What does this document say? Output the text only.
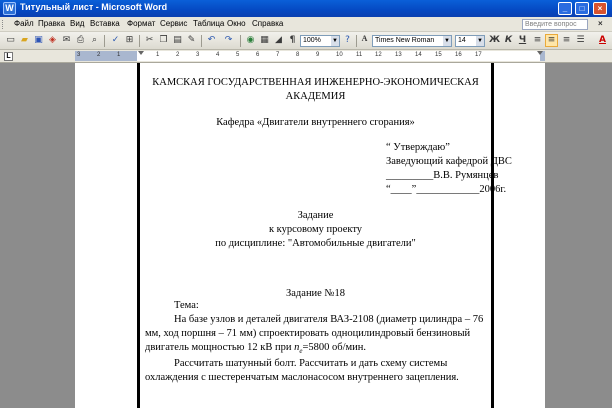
W Титульный лист - Microsoft Word	_	□	×
Файл Правка Вид Вставка Формат Сервис Таблица Окно Справка	Введите вопрос	×
▭ ▰ ▣ ◈ ✉ ⎙ ⌕	✓ ⊞	✂ ❐ ▤ ✎	↶	↷	◉ ▦ ◢ ¶	100% ▼ ?	A	Times New Roman ▼	14 ▼ Ж К Ч ≡ ≡ ≡ ☰	A
L	3	2	1	1	2	3	4	5	6	7	8	9	10 11 12 13 14 15 16 17
КАМСКАЯ ГОСУДАРСТВЕННАЯ ИНЖЕНЕРНО-ЭКОНОМИЧЕСКАЯ
АКАДЕМИЯ
Кафедра «Двигатели внутреннего сгорания»
“ Утверждаю”
Заведующий кафедрой ДВС
_________В.В. Румянцев
“____”____________2006г.
Задание
к курсовому проекту
по дисциплине: "Автомобильные двигатели"
Задание №18
Тема:
На базе узлов и деталей двигателя ВАЗ-2108 (диаметр цилиндра – 76
мм, ход поршня – 71 мм) спроектировать одноцилиндровый бензиновый
двигатель мощностью 12 кВ при $n_e=5800$ об/мин.
Рассчитать шатунный болт. Рассчитать и дать схему системы
охлаждения с шестеренчатым маслонасосом внутреннего зацепления.
